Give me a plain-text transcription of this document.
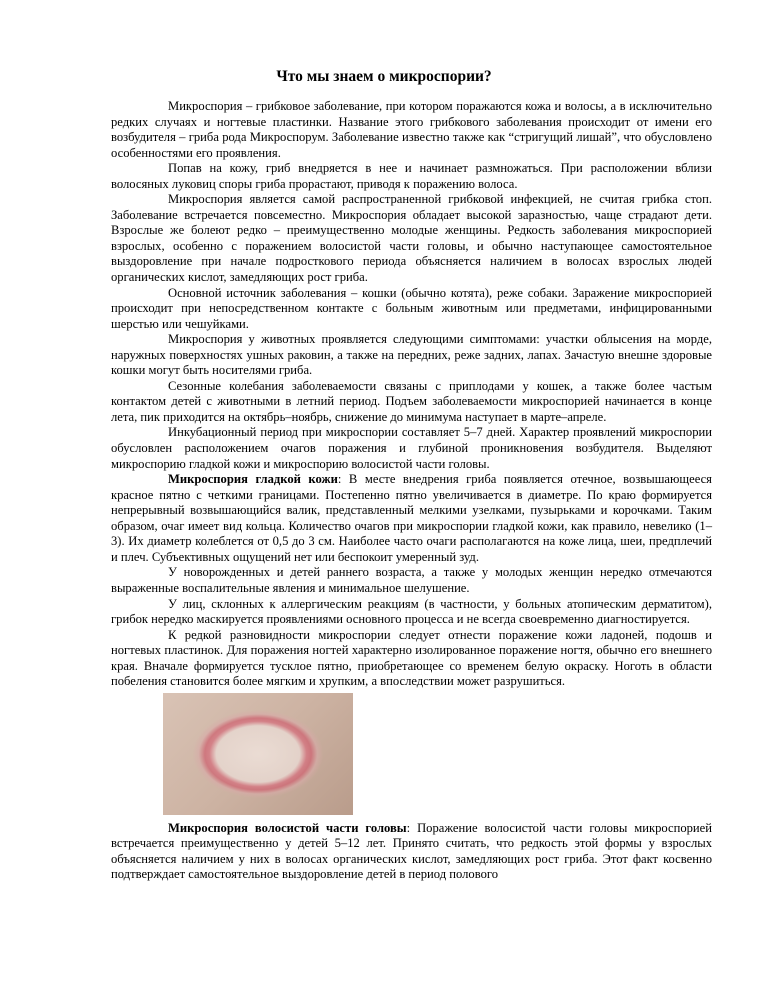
Что мы знаем о микроспории?

Микроспория – грибковое заболевание, при котором поражаются кожа и волосы, а в исключительно редких случаях и ногтевые пластинки. Название этого грибкового заболевания происходит от имени его возбудителя – гриба рода Микроспорум. Заболевание известно также как “стригущий лишай”, что обусловлено особенностями его проявления.

Попав на кожу, гриб внедряется в нее и начинает размножаться. При расположении вблизи волосяных луковиц споры гриба прорастают, приводя к поражению волоса.

Микроспория является самой распространенной грибковой инфекцией, не считая грибка стоп. Заболевание встречается повсеместно. Микроспория обладает высокой заразностью, чаще страдают дети. Взрослые же болеют редко – преимущественно молодые женщины. Редкость заболевания микроспорией взрослых, особенно с поражением волосистой части головы, и обычно наступающее самостоятельное выздоровление при начале подросткового периода объясняется наличием в волосах взрослых людей органических кислот, замедляющих рост гриба.

Основной источник заболевания – кошки (обычно котята), реже собаки. Заражение микроспорией происходит при непосредственном контакте с больным животным или предметами, инфицированными шерстью или чешуйками.

Микроспория у животных проявляется следующими симптомами: участки облысения на морде, наружных поверхностях ушных раковин, а также на передних, реже задних, лапах. Зачастую внешне здоровые кошки могут быть носителями гриба.

Сезонные колебания заболеваемости связаны с приплодами у кошек, а также более частым контактом детей с животными в летний период. Подъем заболеваемости микроспорией начинается в конце лета, пик приходится на октябрь–ноябрь, снижение до минимума наступает в марте–апреле.

Инкубационный период при микроспории составляет 5–7 дней. Характер проявлений микроспории обусловлен расположением очагов поражения и глубиной проникновения возбудителя. Выделяют микроспорию гладкой кожи и микроспорию волосистой части головы.

Микроспория гладкой кожи: В месте внедрения гриба появляется отечное, возвышающееся красное пятно с четкими границами. Постепенно пятно увеличивается в диаметре. По краю формируется непрерывный возвышающийся валик, представленный мелкими узелками, пузырьками и корочками. Таким образом, очаг имеет вид кольца. Количество очагов при микроспории гладкой кожи, как правило, невелико (1–3). Их диаметр колеблется от 0,5 до 3 см. Наиболее часто очаги располагаются на коже лица, шеи, предплечий и плеч. Субъективных ощущений нет или беспокоит умеренный зуд.

У новорожденных и детей раннего возраста, а также у молодых женщин нередко отмечаются выраженные воспалительные явления и минимальное шелушение.

У лиц, склонных к аллергическим реакциям (в частности, у больных атопическим дерматитом), грибок нередко маскируется проявлениями основного процесса и не всегда своевременно диагностируется.

К редкой разновидности микроспории следует отнести поражение кожи ладоней, подошв и ногтевых пластинок. Для поражения ногтей характерно изолированное поражение ногтя, обычно его внешнего края. Вначале формируется тусклое пятно, приобретающее со временем белую окраску. Ноготь в области побеления становится более мягким и хрупким, а впоследствии может разрушиться.

Микроспория волосистой части головы: Поражение волосистой части головы микроспорией встречается преимущественно у детей 5–12 лет. Принято считать, что редкость этой формы у взрослых объясняется наличием у них в волосах органических кислот, замедляющих рост гриба. Этот факт косвенно подтверждает самостоятельное выздоровление детей в период полового
